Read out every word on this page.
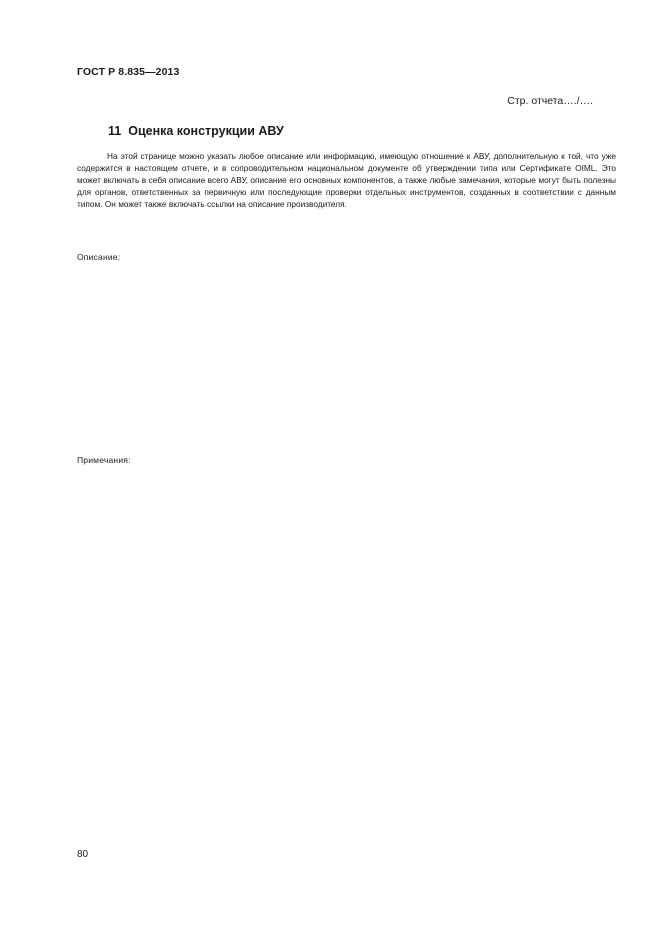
ГОСТ Р 8.835—2013
Стр. отчета…./….
11 Оценка конструкции АВУ

На этой странице можно указать любое описание или информацию, имеющую отношение к АВУ, дополнительную к той, что уже содержится в настоящем отчете, и в сопроводительном национальном документе об утверждении типа или Сертификате OIML. Это может включать в себя описание всего АВУ, описание его основных компонентов, а также любые замечания, которые могут быть полезны для органов, ответственных за первичную или последующие проверки отдельных инструментов, созданных в соответствии с данным типом. Он может также включать ссылки на описание производителя.

Описание:
Примечания:
80
